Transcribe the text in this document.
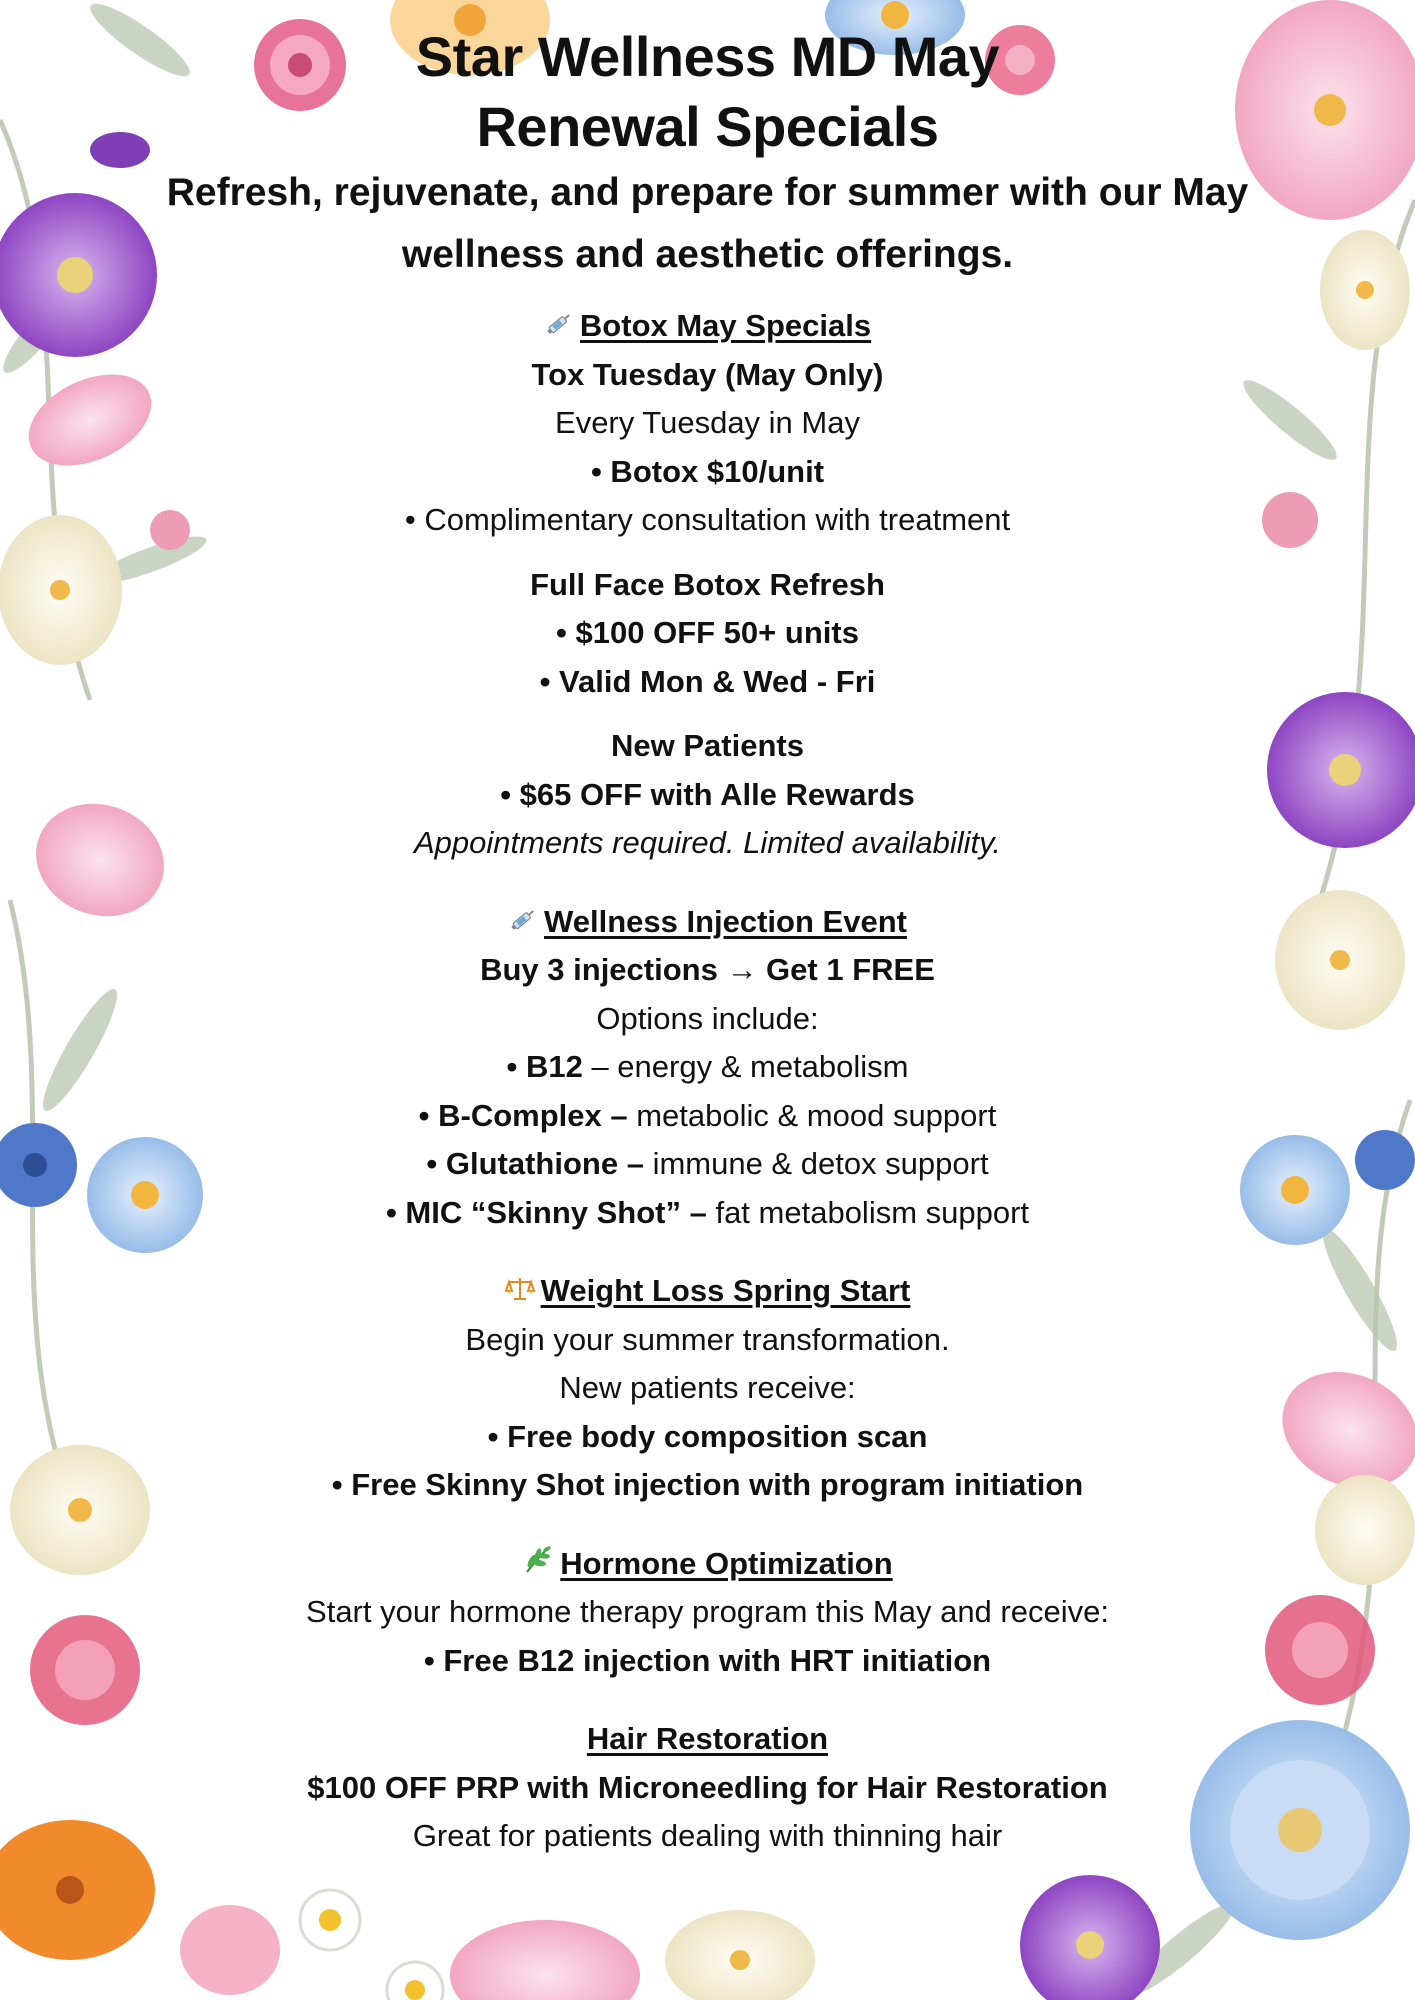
Star Wellness MD May
Renewal Specials
Refresh, rejuvenate, and prepare for summer with our May
wellness and aesthetic offerings.
Botox May Specials
Tox Tuesday (May Only)
Every Tuesday in May
• Botox $10/unit
• Complimentary consultation with treatment
Full Face Botox Refresh
• $100 OFF 50+ units
• Valid Mon & Wed - Fri
New Patients
• $65 OFF with Alle Rewards
Appointments required. Limited availability.
Wellness Injection Event
Buy 3 injections → Get 1 FREE
Options include:
• B12 – energy & metabolism
• B-Complex – metabolic & mood support
• Glutathione – immune & detox support
• MIC “Skinny Shot” – fat metabolism support
Weight Loss Spring Start
Begin your summer transformation.
New patients receive:
• Free body composition scan
• Free Skinny Shot injection with program initiation
Hormone Optimization
Start your hormone therapy program this May and receive:
• Free B12 injection with HRT initiation
Hair Restoration
$100 OFF PRP with Microneedling for Hair Restoration
Great for patients dealing with thinning hair
